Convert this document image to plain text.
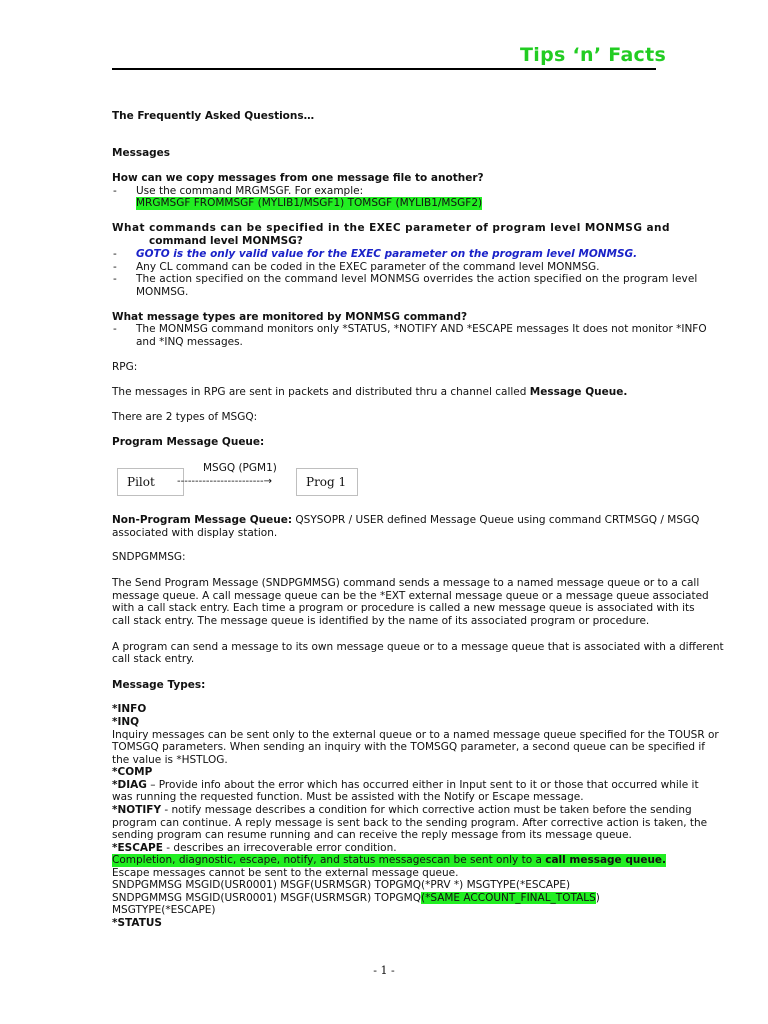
Tips ‘n’ Facts
The Frequently Asked Questions…
Messages
How can we copy messages from one message file to another?
-	Use the command MRGMSGF. For example:
MRGMSGF FROMMSGF (MYLIB1/MSGF1) TOMSGF (MYLIB1/MSGF2)
What commands can be specified in the EXEC parameter of program level MONMSG and
command level MONMSG?
-	GOTO is the only valid value for the EXEC parameter on the program level MONMSG.
-	Any CL command can be coded in the EXEC parameter of the command level MONMSG.
-	The action specified on the command level MONMSG overrides the action specified on the program level
MONMSG.
What message types are monitored by MONMSG command?
-	The MONMSG command monitors only *STATUS, *NOTIFY AND *ESCAPE messages It does not monitor *INFO
and *INQ messages.
RPG:
The messages in RPG are sent in packets and distributed thru a channel called Message Queue.
There are 2 types of MSGQ:
Program Message Queue:
Pilot
MSGQ (PGM1)
------------------------→	Prog 1
Non-Program Message Queue: QSYSOPR / USER defined Message Queue using command CRTMSGQ / MSGQ
associated with display station.
SNDPGMMSG:
The Send Program Message (SNDPGMMSG) command sends a message to a named message queue or to a call
message queue. A call message queue can be the *EXT external message queue or a message queue associated
with a call stack entry. Each time a program or procedure is called a new message queue is associated with its
call stack entry. The message queue is identified by the name of its associated program or procedure.
A program can send a message to its own message queue or to a message queue that is associated with a different
call stack entry.
Message Types:
*INFO
*INQ
Inquiry messages can be sent only to the external queue or to a named message queue specified for the TOUSR or
TOMSGQ parameters. When sending an inquiry with the TOMSGQ parameter, a second queue can be specified if
the value is *HSTLOG.
*COMP
*DIAG – Provide info about the error which has occurred either in Input sent to it or those that occurred while it
was running the requested function. Must be assisted with the Notify or Escape message.
*NOTIFY - notify message describes a condition for which corrective action must be taken before the sending
program can continue. A reply message is sent back to the sending program. After corrective action is taken, the
sending program can resume running and can receive the reply message from its message queue.
*ESCAPE - describes an irrecoverable error condition.
Completion, diagnostic, escape, notify, and status messagescan be sent only to a call message queue.
Escape messages cannot be sent to the external message queue.
SNDPGMMSG MSGID(USR0001) MSGF(USRMSGR) TOPGMQ(*PRV *) MSGTYPE(*ESCAPE)
SNDPGMMSG MSGID(USR0001) MSGF(USRMSGR) TOPGMQ(*SAME ACCOUNT_FINAL_TOTALS)
MSGTYPE(*ESCAPE)
*STATUS
- 1 -
